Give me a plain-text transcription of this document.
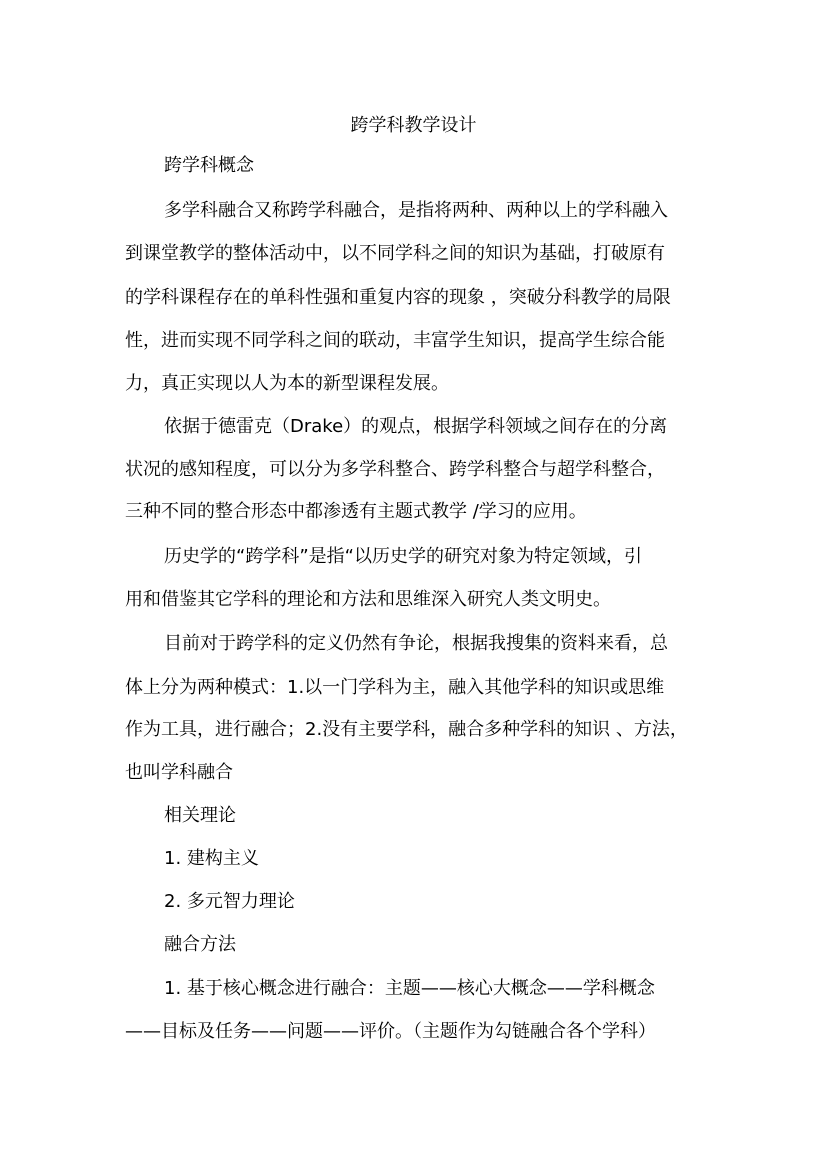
跨学科教学设计
跨学科概念
多学科融合又称跨学科融合，是指将两种、两种以上的学科融入
到课堂教学的整体活动中，以不同学科之间的知识为基础，打破原有
的学科课程存在的单科性强和重复内容的现象 ，突破分科教学的局限
性，进而实现不同学科之间的联动，丰富学生知识，提高学生综合能
力，真正实现以人为本的新型课程发展。
依据于德雷克（Drake）的观点，根据学科领域之间存在的分离
状况的感知程度，可以分为多学科整合、跨学科整合与超学科整合，
三种不同的整合形态中都渗透有主题式教学 /学习的应用。
历史学的“跨学科”是指“以历史学的研究对象为特定领域，引
用和借鉴其它学科的理论和方法和思维深入研究人类文明史。
目前对于跨学科的定义仍然有争论，根据我搜集的资料来看，总
体上分为两种模式：1.以一门学科为主，融入其他学科的知识或思维
作为工具，进行融合；2.没有主要学科，融合多种学科的知识 、方法，
也叫学科融合
相关理论
1. 建构主义
2. 多元智力理论
融合方法
1. 基于核心概念进行融合：主题——核心大概念——学科概念
——目标及任务——问题——评价。（主题作为勾链融合各个学科）
